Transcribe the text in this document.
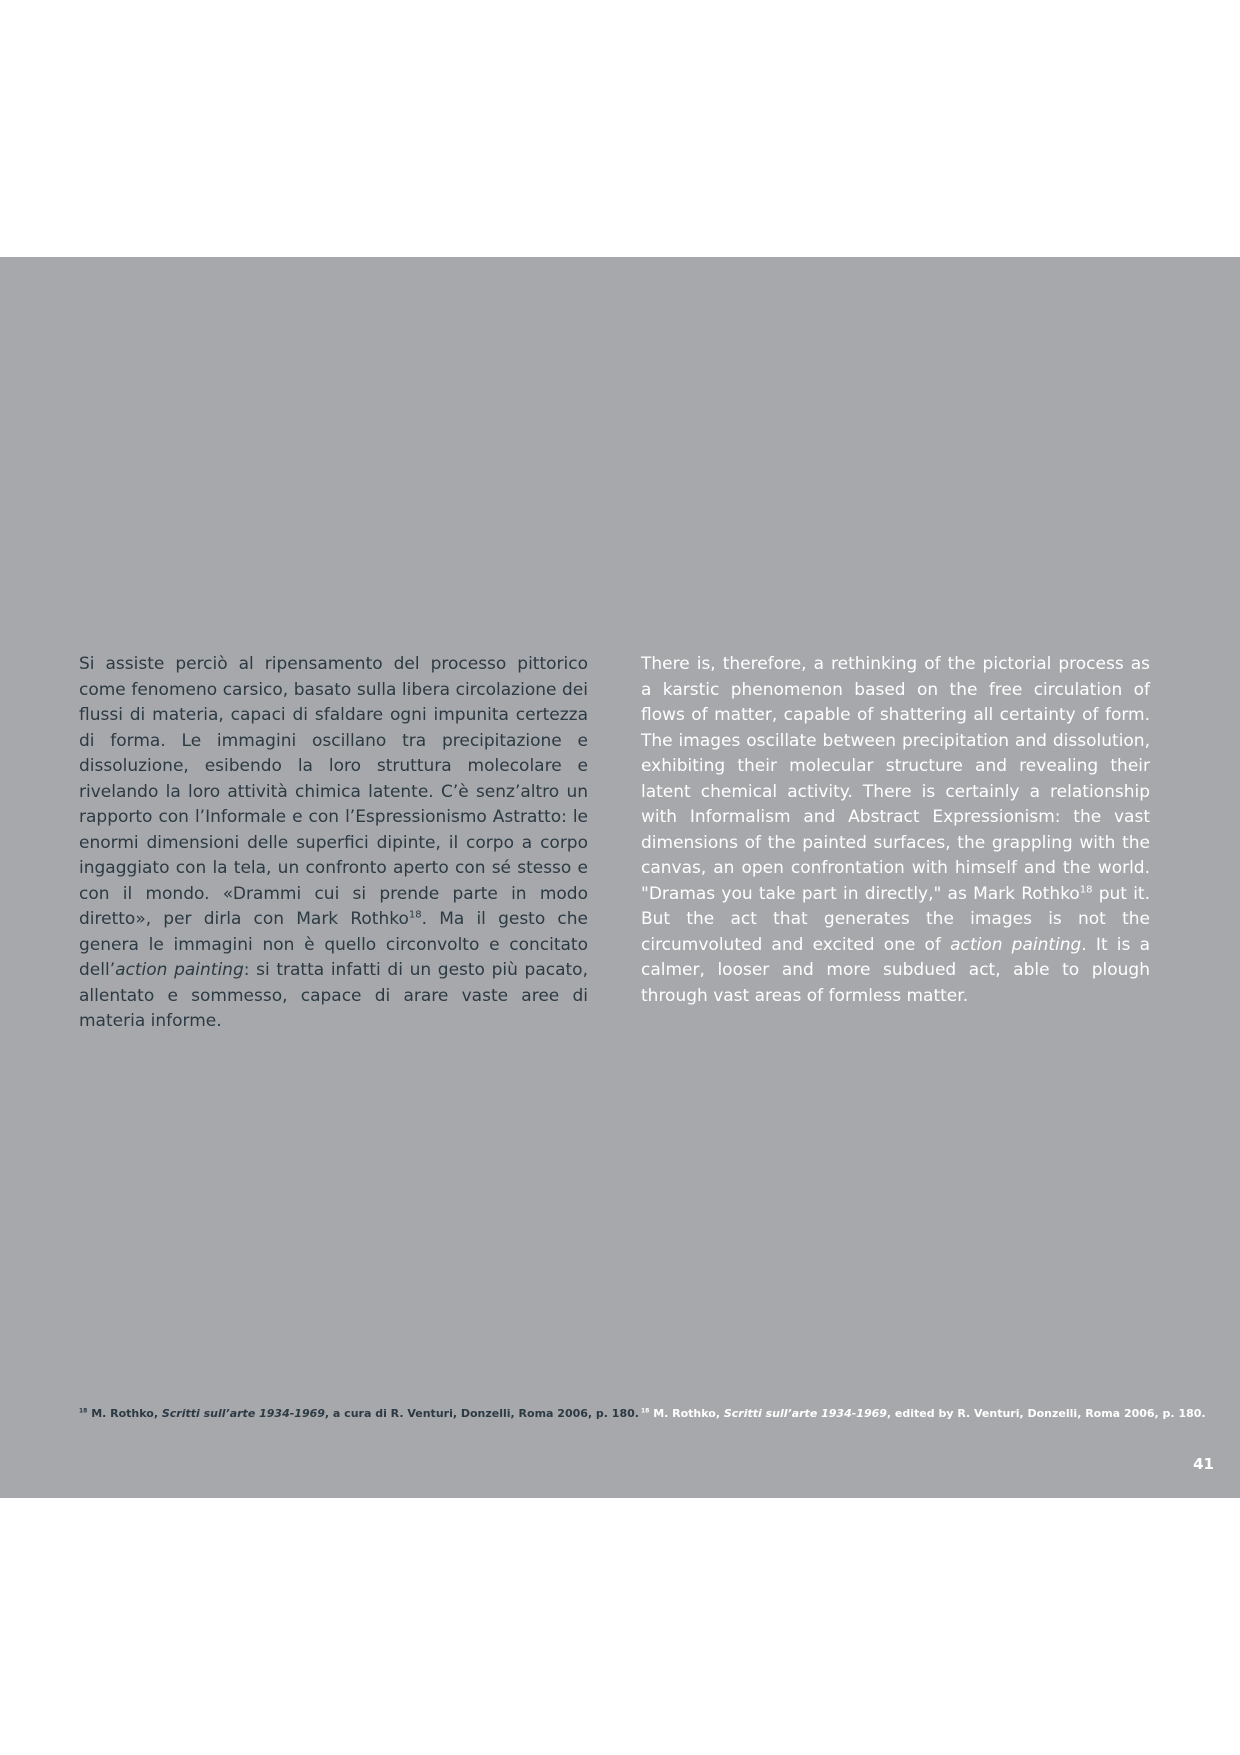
Si assiste perciò al ripensamento del processo pittorico come fenomeno carsico, basato sulla libera circolazione dei flussi di materia, capaci di sfaldare ogni impunita certezza di forma. Le immagini oscillano tra precipitazione e dissoluzione, esibendo la loro struttura molecolare e rivelando la loro attività chimica latente. C’è senz’altro un rapporto con l’Informale e con l’Espressionismo Astratto: le enormi dimensioni delle superfici dipinte, il corpo a corpo ingaggiato con la tela, un confronto aperto con sé stesso e con il mondo. «Drammi cui si prende parte in modo diretto», per dirla con Mark Rothko$^{18}$. Ma il gesto che genera le immagini non è quello circonvolto e concitato dell’action painting: si tratta infatti di un gesto più pacato, allentato e sommesso, capace di arare vaste aree di materia informe.
There is, therefore, a rethinking of the pictorial process as a karstic phenomenon based on the free circulation of flows of matter, capable of shattering all certainty of form. The images oscillate between precipitation and dissolution, exhibiting their molecular structure and revealing their latent chemical activity. There is certainly a relationship with Informalism and Abstract Expressionism: the vast dimensions of the painted surfaces, the grappling with the canvas, an open confrontation with himself and the world. "Dramas you take part in directly," as Mark Rothko$^{18}$ put it. But the act that generates the images is not the circumvoluted and excited one of action painting. It is a calmer, looser and more subdued act, able to plough through vast areas of formless matter.
$^{18}$ M. Rothko, Scritti sull’arte 1934-1969, a cura di R. Venturi, Donzelli, Roma 2006, p. 180. $^{18}$ M. Rothko, Scritti sull’arte 1934-1969, edited by R. Venturi, Donzelli, Roma 2006, p. 180.
41
